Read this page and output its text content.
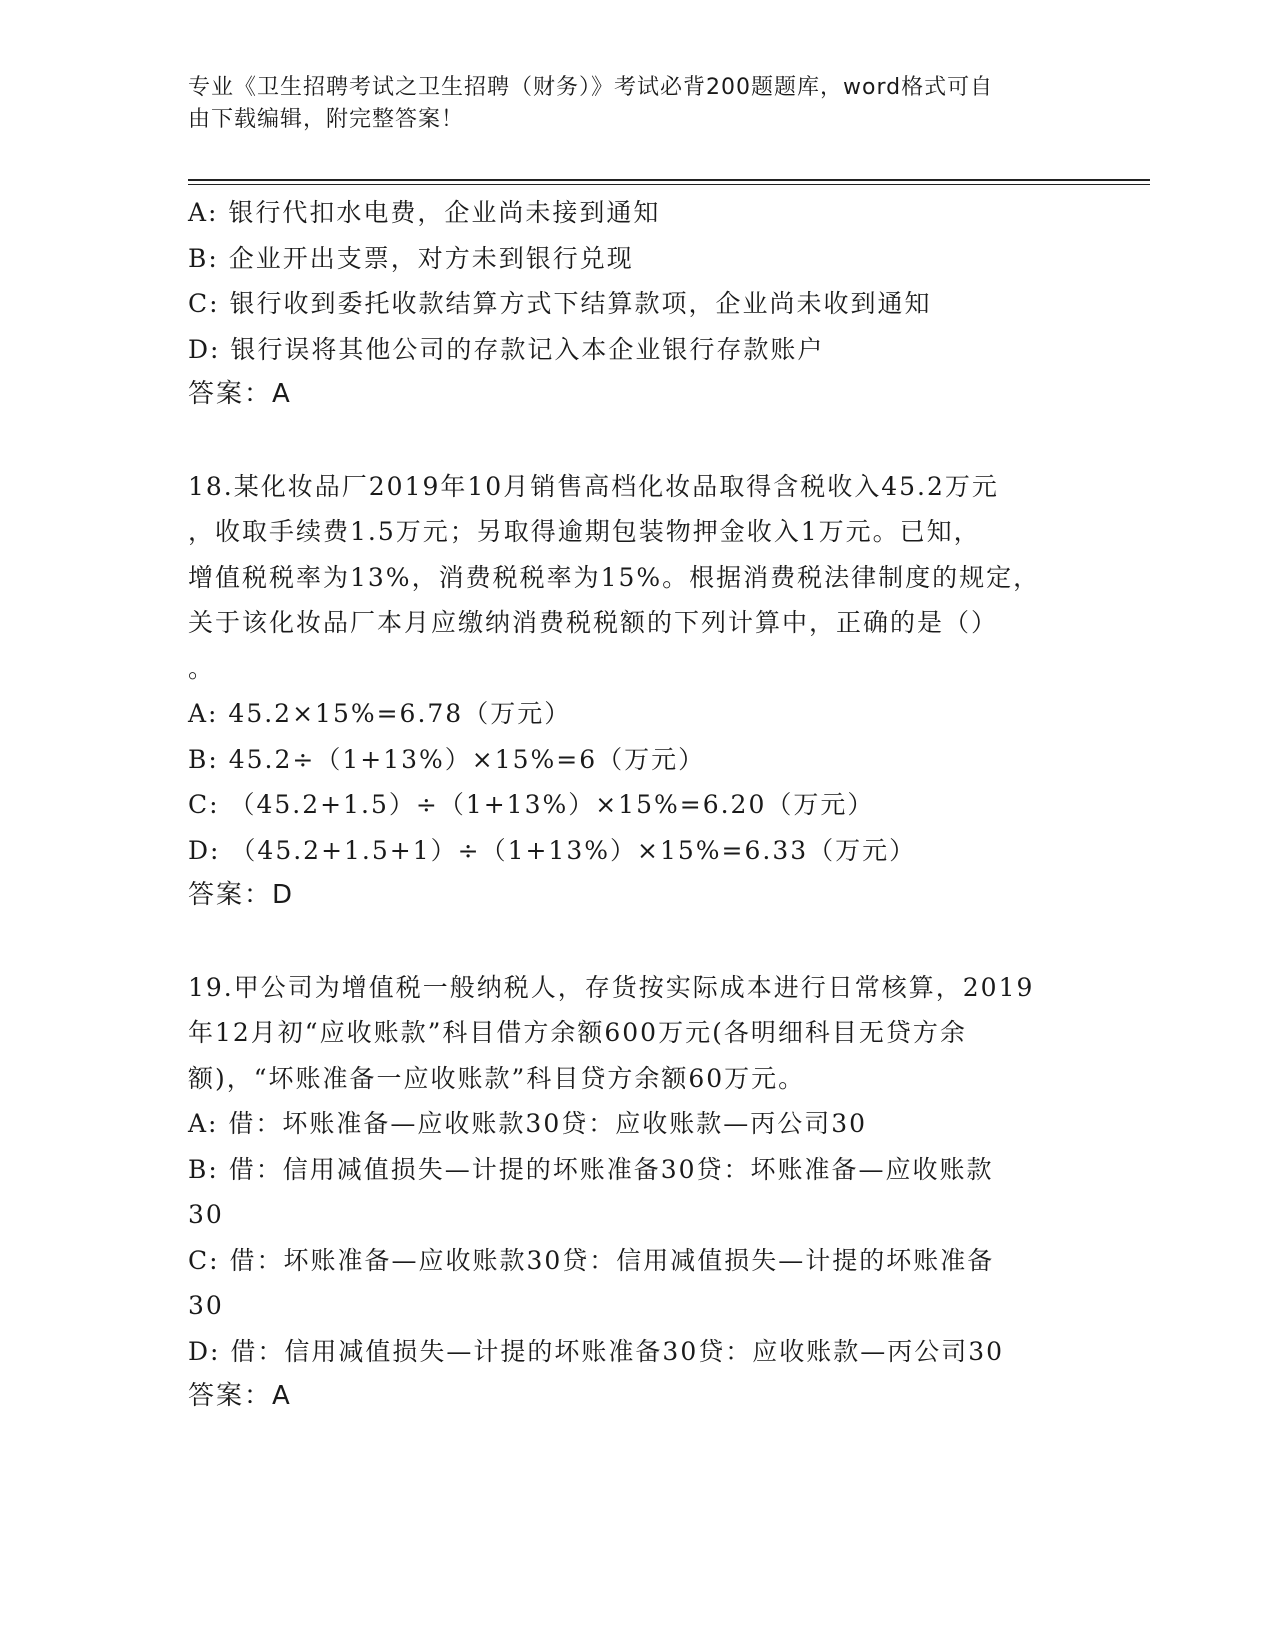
专业《卫生招聘考试之卫生招聘（财务）》考试必背200题题库，word格式可自
由下载编辑，附完整答案！
A: 银行代扣水电费，企业尚未接到通知
B: 企业开出支票，对方未到银行兑现
C: 银行收到委托收款结算方式下结算款项，企业尚未收到通知
D: 银行误将其他公司的存款记入本企业银行存款账户
答案：A
18.某化妆品厂2019年10月销售高档化妆品取得含税收入45.2万元
，收取手续费1.5万元；另取得逾期包装物押金收入1万元。已知，
增值税税率为13%，消费税税率为15%。根据消费税法律制度的规定，
关于该化妆品厂本月应缴纳消费税税额的下列计算中，正确的是（）
。
A: 45.2×15%=6.78（万元）
B: 45.2÷（1+13%）×15%=6（万元）
C: （45.2+1.5）÷（1+13%）×15%=6.20（万元）
D: （45.2+1.5+1）÷（1+13%）×15%=6.33（万元）
答案：D
19.甲公司为增值税一般纳税人，存货按实际成本进行日常核算，2019
年12月初“应收账款”科目借方余额600万元(各明细科目无贷方余
额)，“坏账准备一应收账款”科目贷方余额60万元。
A: 借：坏账准备—应收账款30贷：应收账款—丙公司30
B: 借：信用减值损失—计提的坏账准备30贷：坏账准备—应收账款
30
C: 借：坏账准备—应收账款30贷：信用减值损失—计提的坏账准备
30
D: 借：信用减值损失—计提的坏账准备30贷：应收账款—丙公司30
答案：A
